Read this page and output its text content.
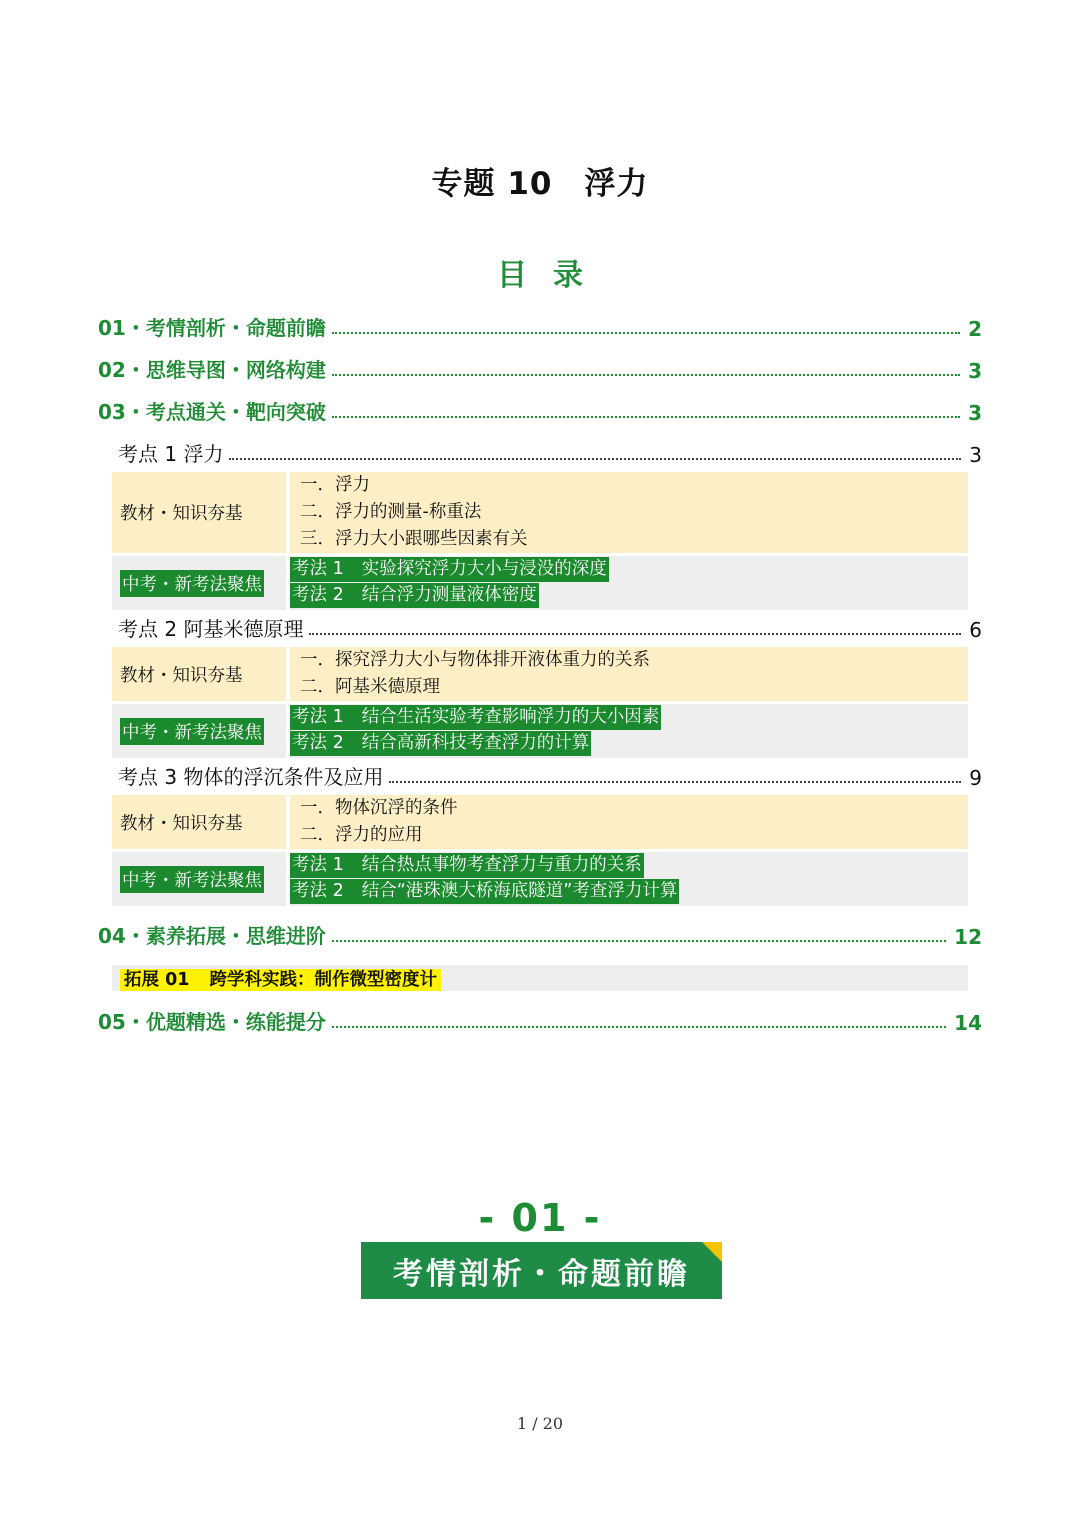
专题 10　浮力
目录
01・考情剖析・命题前瞻	2
02・思维导图・网络构建	3
03・考点通关・靶向突破	3
考点 1 浮力	3
教材・知识夯基
一．浮力
二．浮力的测量-称重法
三．浮力大小跟哪些因素有关
中考・新考法聚焦
考法 1 实验探究浮力大小与浸没的深度
考法 2 结合浮力测量液体密度
考点 2 阿基米德原理	6
教材・知识夯基
一．探究浮力大小与物体排开液体重力的关系
二．阿基米德原理
中考・新考法聚焦
考法 1 结合生活实验考查影响浮力的大小因素
考法 2 结合高新科技考查浮力的计算
考点 3 物体的浮沉条件及应用	9
教材・知识夯基
一．物体沉浮的条件
二．浮力的应用
中考・新考法聚焦
考法 1 结合热点事物考查浮力与重力的关系
考法 2 结合“港珠澳大桥海底隧道”考查浮力计算
04・素养拓展・思维进阶	12
拓展 01 跨学科实践：制作微型密度计
05・优题精选・练能提分	14
- 01 -
考情剖析・命题前瞻
1 / 20
